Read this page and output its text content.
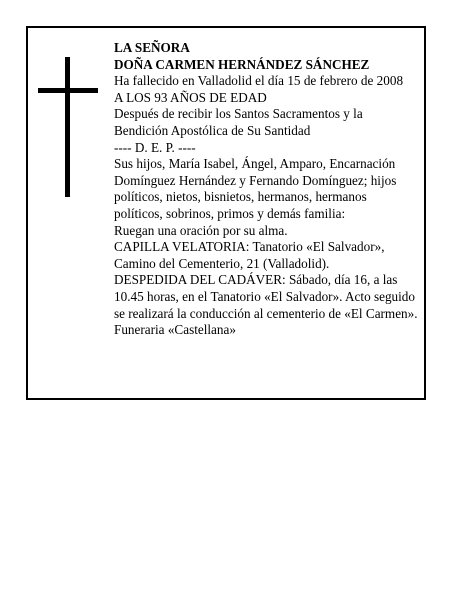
LA SEÑORA

DOÑA CARMEN HERNÁNDEZ SÁNCHEZ

Ha fallecido en Valladolid el día 15 de febrero de 2008

A LOS 93 AÑOS DE EDAD

Después de recibir los Santos Sacramentos y la

Bendición Apostólica de Su Santidad

---- D. E. P. ----

Sus hijos, María Isabel, Ángel, Amparo, Encarnación

Domínguez Hernández y Fernando Domínguez; hijos

políticos, nietos, bisnietos, hermanos, hermanos

políticos, sobrinos, primos y demás familia:

Ruegan una oración por su alma.

CAPILLA VELATORIA: Tanatorio «El Salvador»,

Camino del Cementerio, 21 (Valladolid).

DESPEDIDA DEL CADÁVER: Sábado, día 16, a las

10.45 horas, en el Tanatorio «El Salvador». Acto seguido

se realizará la conducción al cementerio de «El Carmen».

Funeraria «Castellana»
